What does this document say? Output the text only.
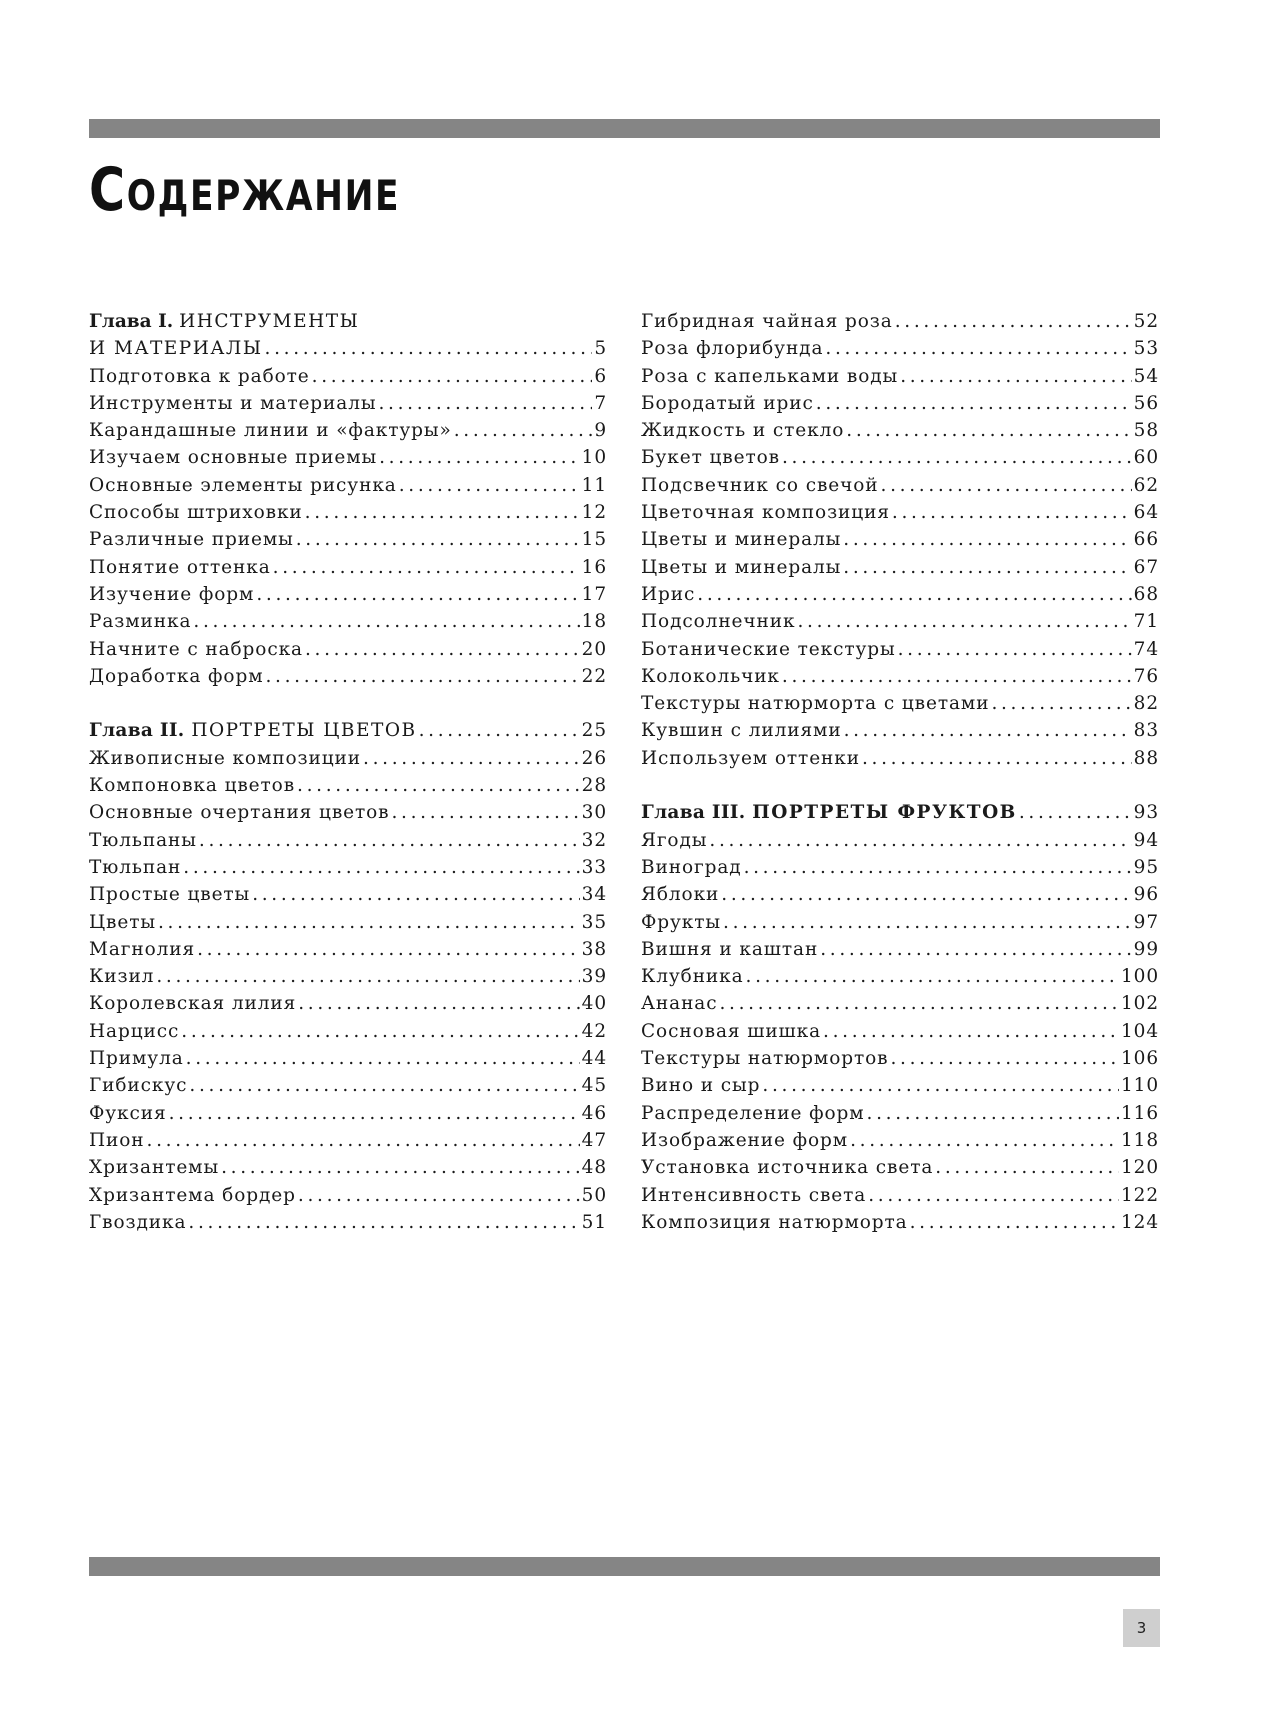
Содержание
Глава I. ИНСТРУМЕНТЫ
И МАТЕРИАЛЫ . . .	5
Подготовка к работе . . .	6
Инструменты и материалы . . .	7
Карандашные линии и «фактуры» . . .	9
Изучаем основные приемы . . .	10
Основные элементы рисунка . . .	11
Способы штриховки . . .	12
Различные приемы . . .	15
Понятие оттенка . . .	16
Изучение форм . . .	17
Разминка . . .	18
Начните с наброска . . .	20
Доработка форм . . .	22
Глава II. ПОРТРЕТЫ ЦВЕТОВ . . .	25
Живописные композиции . . .	26
Компоновка цветов . . .	28
Основные очертания цветов . . .	30
Тюльпаны . . .	32
Тюльпан . . .	33
Простые цветы . . .	34
Цветы . . .	35
Магнолия . . .	38
Кизил . . .	39
Королевская лилия . . .	40
Нарцисс . . .	42
Примула . . .	44
Гибискус . . .	45
Фуксия . . .	46
Пион . . .	47
Хризантемы . . .	48
Хризантема бордер . . .	50
Гвоздика . . .	51
Гибридная чайная роза . . .	52
Роза флорибунда . . .	53
Роза с капельками воды . . .	54
Бородатый ирис . . .	56
Жидкость и стекло . . .	58
Букет цветов . . .	60
Подсвечник со свечой . . .	62
Цветочная композиция . . .	64
Цветы и минералы . . .	66
Цветы и минералы . . .	67
Ирис . . .	68
Подсолнечник . . .	71
Ботанические текстуры . . .	74
Колокольчик . . .	76
Текстуры натюрморта с цветами . . .	82
Кувшин с лилиями . . .	83
Используем оттенки . . .	88
Глава III. ПОРТРЕТЫ ФРУКТОВ . . .	93
Ягоды . . .	94
Виноград . . .	95
Яблоки . . .	96
Фрукты . . .	97
Вишня и каштан . . .	99
Клубника . . .	100
Ананас . . .	102
Сосновая шишка . . .	104
Текстуры натюрмортов . . .	106
Вино и сыр . . .	110
Распределение форм . . .	116
Изображение форм . . .	118
Установка источника света . . .	120
Интенсивность света . . .	122
Композиция натюрморта . . .	124
3
